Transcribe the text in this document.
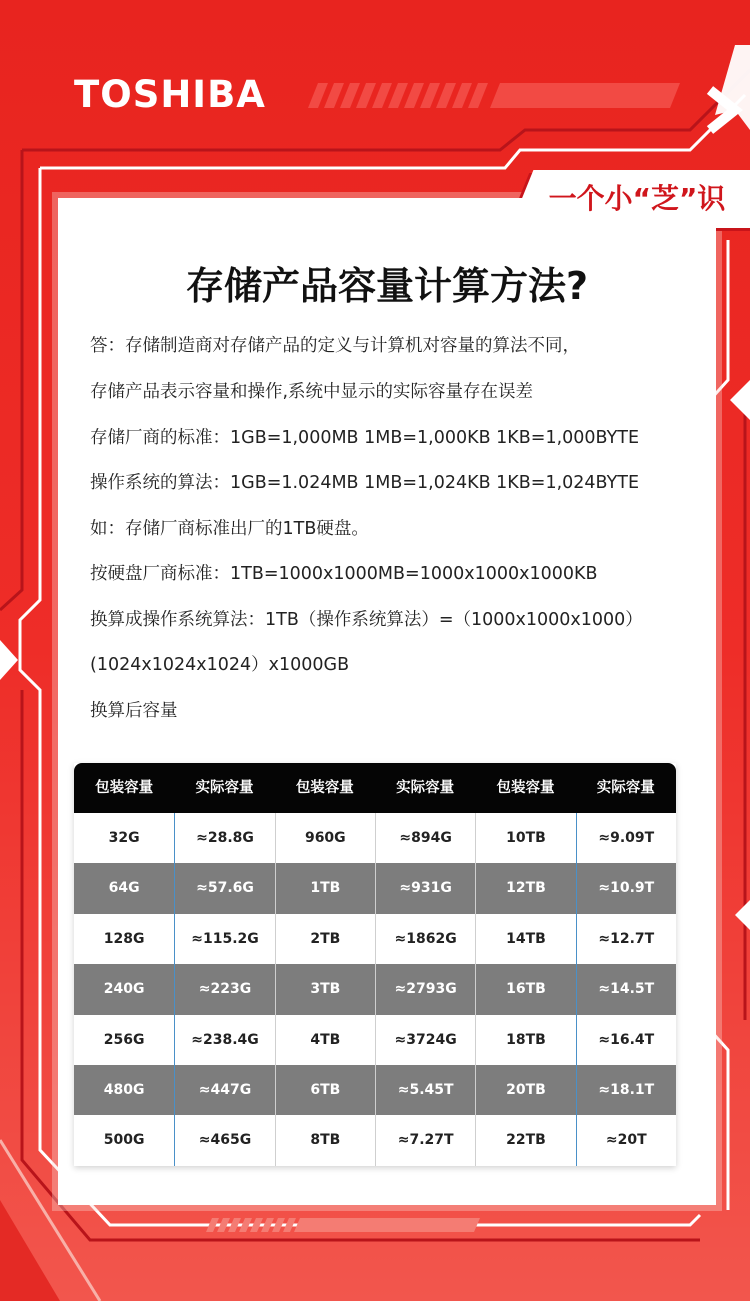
TOSHIBA
一个小“芝”识
存储产品容量计算方法?

答：存储制造商对存储产品的定义与计算机对容量的算法不同，

存储产品表示容量和操作,系统中显示的实际容量存在误差

存储厂商的标准：1GB=1,000MB 1MB=1,000KB 1KB=1,000BYTE

操作系统的算法：1GB=1.024MB 1MB=1,024KB 1KB=1,024BYTE

如：存储厂商标准出厂的1TB硬盘。

按硬盘厂商标准：1TB=1000x1000MB=1000x1000x1000KB

换算成操作系统算法：1TB（操作系统算法）=（1000x1000x1000）

(1024x1024x1024）x1000GB

换算后容量

包装容量	实际容量	包装容量	实际容量	包装容量	实际容量
32G	≈28.8G	960G	≈894G	10TB	≈9.09T
64G	≈57.6G	1TB	≈931G	12TB	≈10.9T
128G	≈115.2G	2TB	≈1862G	14TB	≈12.7T
240G	≈223G	3TB	≈2793G	16TB	≈14.5T
256G	≈238.4G	4TB	≈3724G	18TB	≈16.4T
480G	≈447G	6TB	≈5.45T	20TB	≈18.1T
500G	≈465G	8TB	≈7.27T	22TB	≈20T
